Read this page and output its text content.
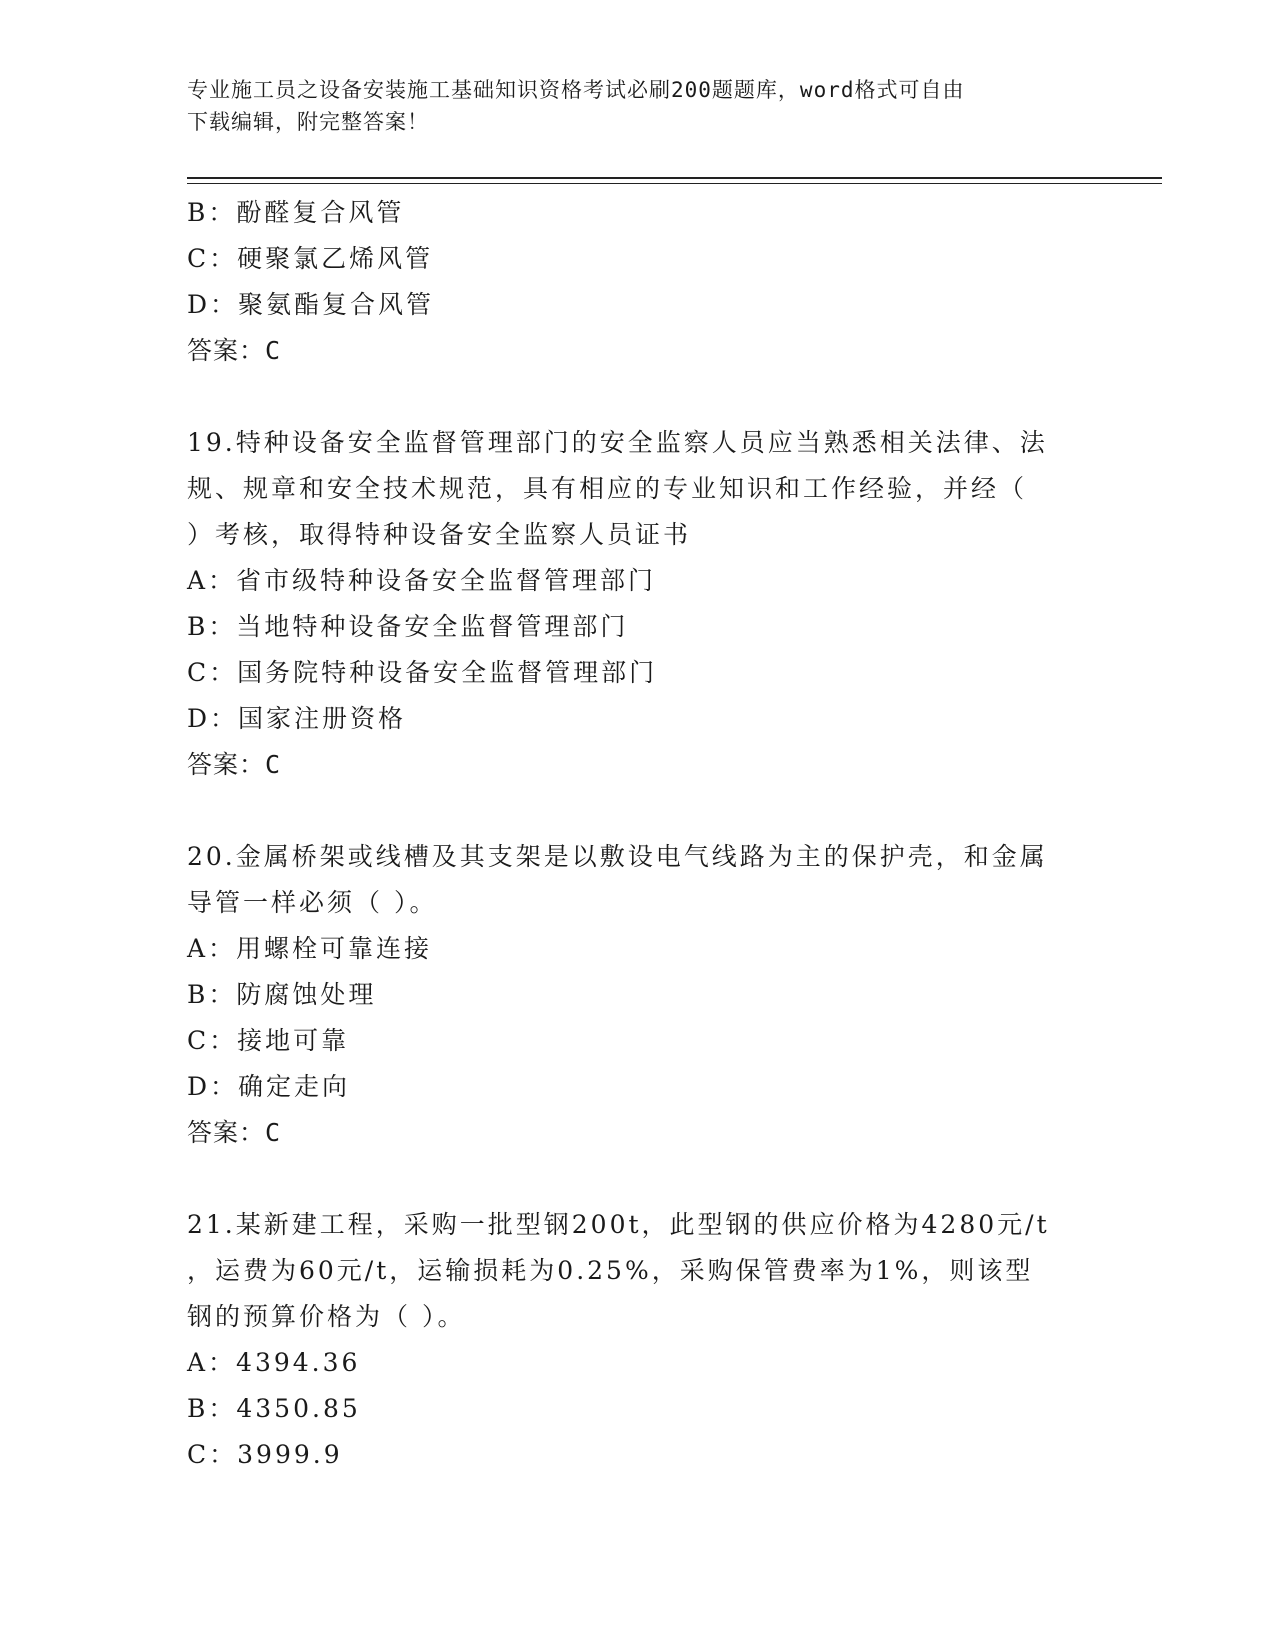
专业施工员之设备安装施工基础知识资格考试必刷200题题库，word格式可自由
下载编辑，附完整答案！
B：酚醛复合风管
C：硬聚氯乙烯风管
D：聚氨酯复合风管
答案：C
19.特种设备安全监督管理部门的安全监察人员应当熟悉相关法律、法
规、规章和安全技术规范，具有相应的专业知识和工作经验，并经（
）考核，取得特种设备安全监察人员证书
A：省市级特种设备安全监督管理部门
B：当地特种设备安全监督管理部门
C：国务院特种设备安全监督管理部门
D：国家注册资格
答案：C
20.金属桥架或线槽及其支架是以敷设电气线路为主的保护壳，和金属
导管一样必须（ ）。
A：用螺栓可靠连接
B：防腐蚀处理
C：接地可靠
D：确定走向
答案：C
21.某新建工程，采购一批型钢200t，此型钢的供应价格为4280元/t
，运费为60元/t，运输损耗为0.25%，采购保管费率为1%，则该型
钢的预算价格为（ ）。
A：4394.36
B：4350.85
C：3999.9
